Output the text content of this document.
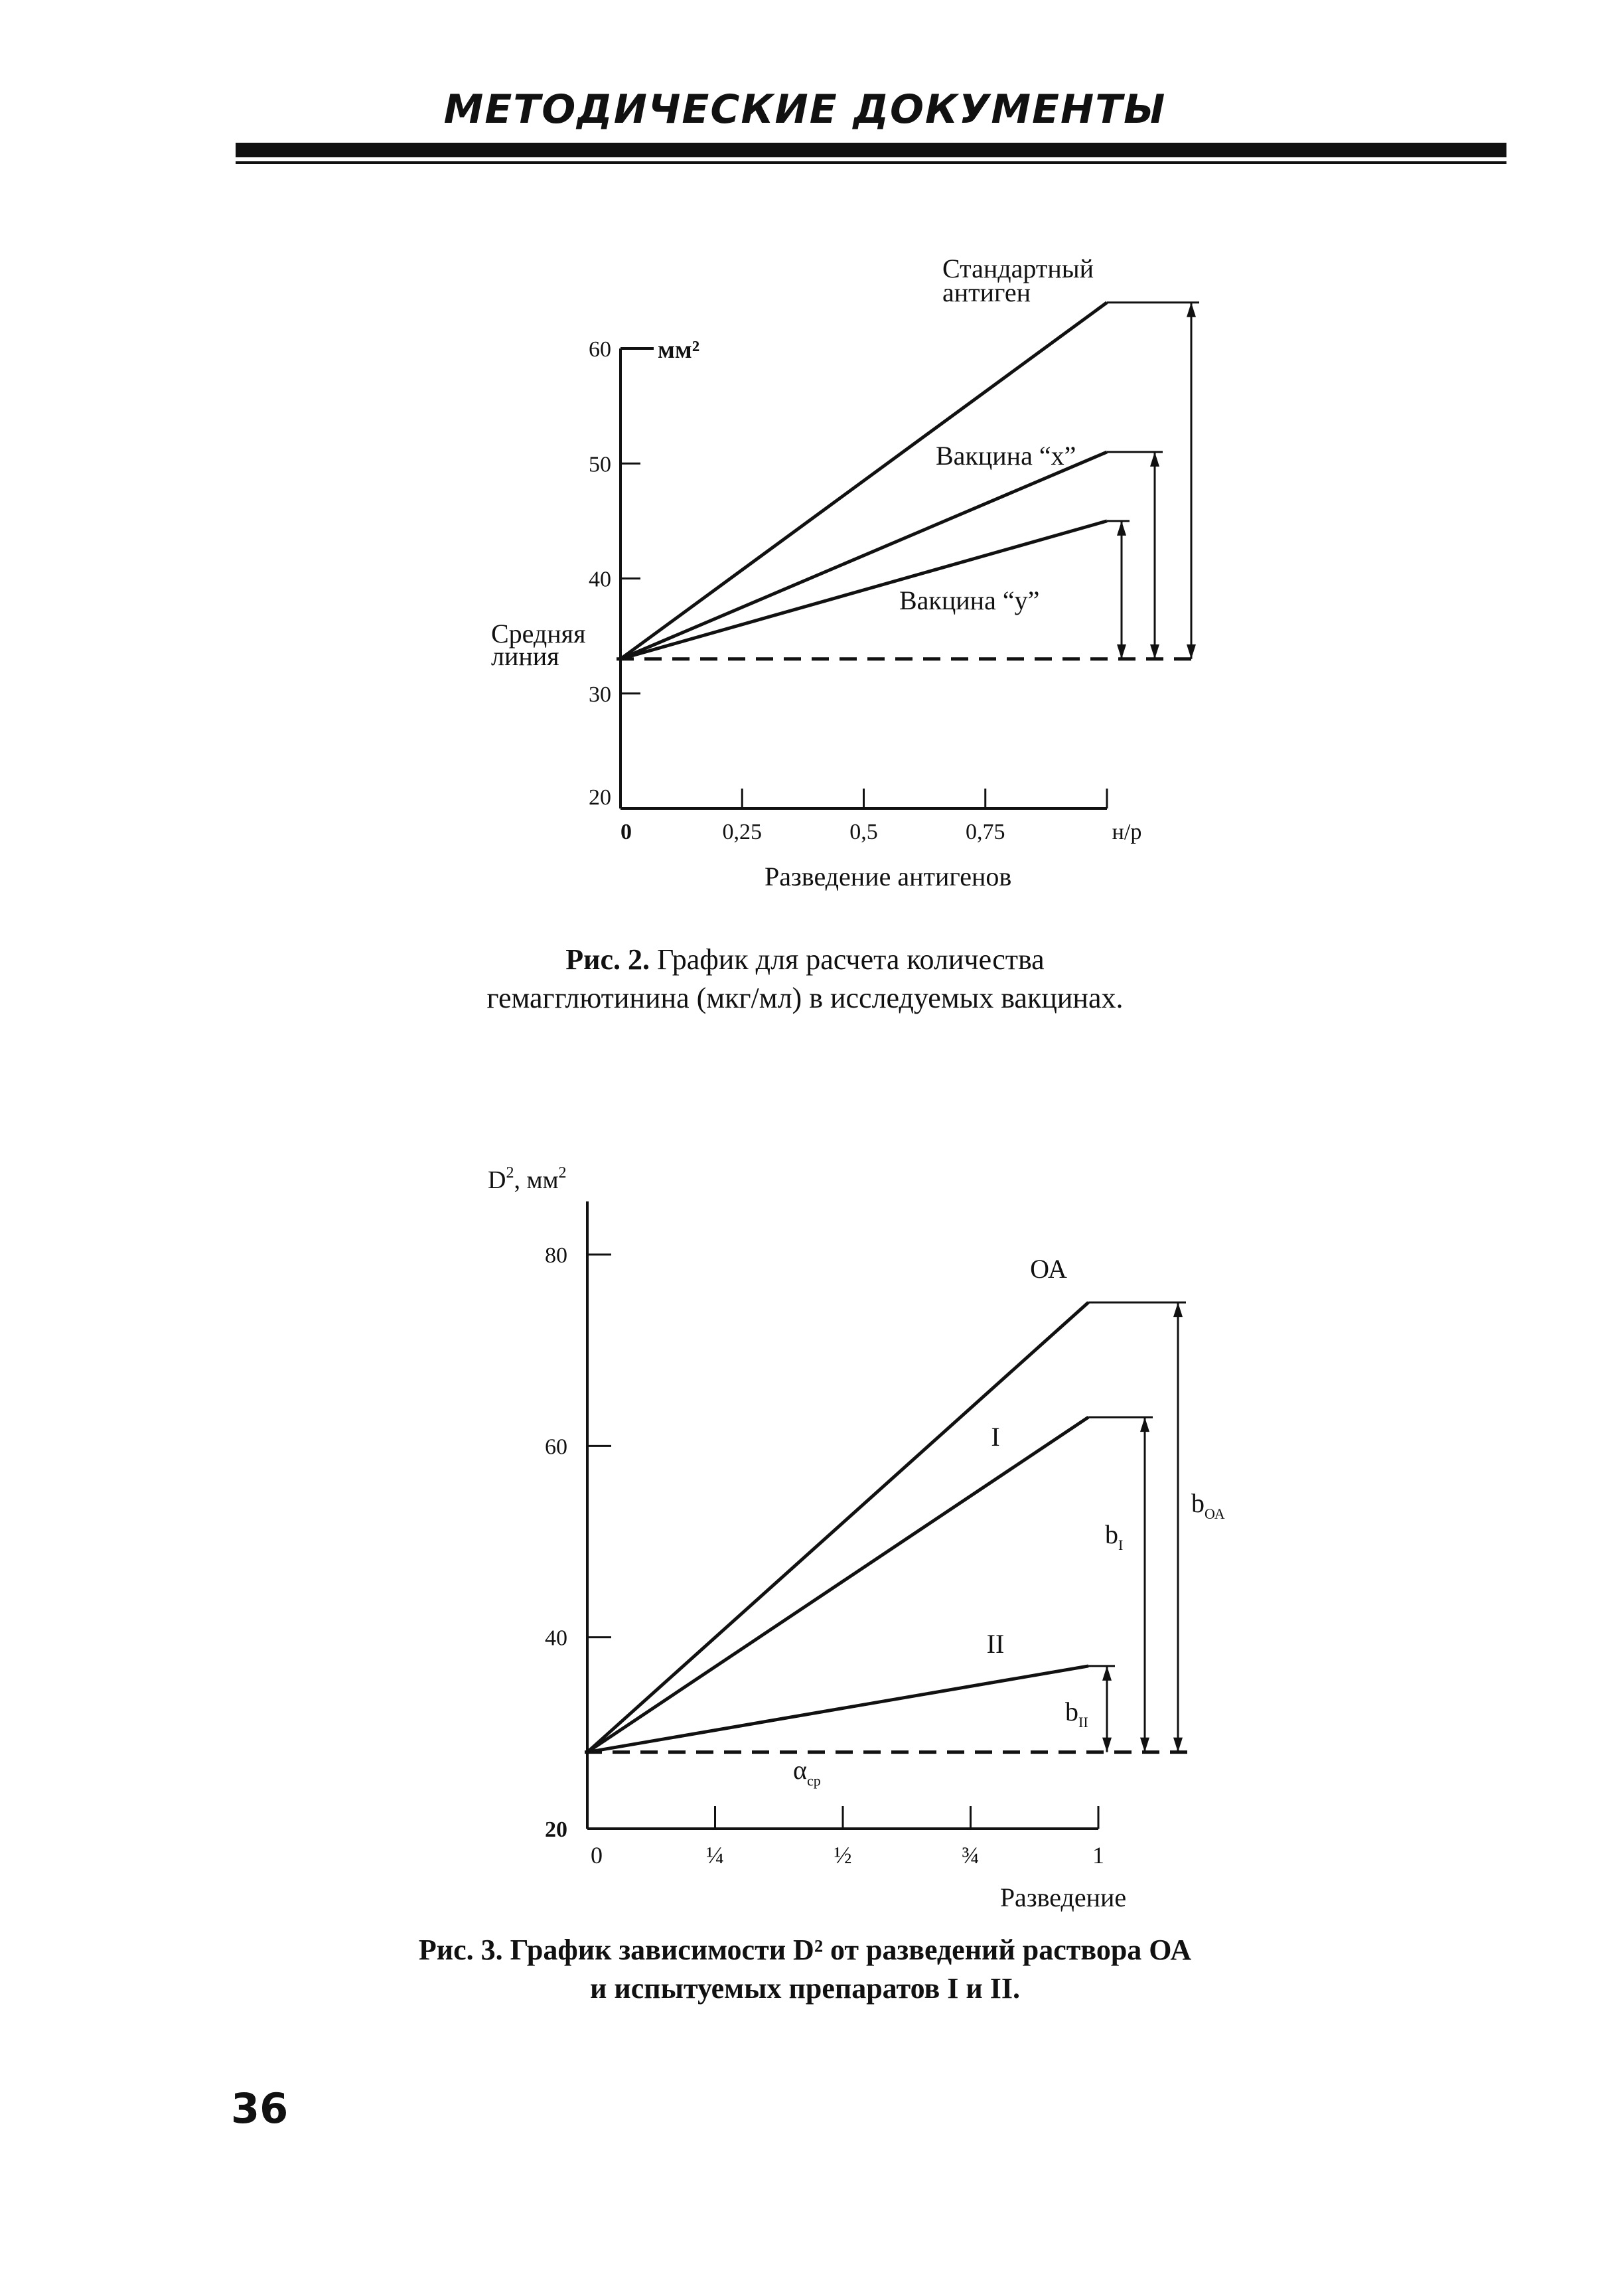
МЕТОДИЧЕСКИЕ ДОКУМЕНТЫ
мм²
20
30
40
50
60
0	0,25	0,5	0,75	н/р
Разведение антигенов
Средняя линия
Стандартный антиген
Вакцина “х”
Вакцина “у”
Рис. 2. График для расчета количества
гемагглютинина (мкг/мл) в исследуемых вакцинах.
$D^2$, $мм^2$
20
40
60
80
0	¼	½	¾	1
Разведение
$\alpha_{ср}$
ОА
$b_{ОА}$
I
$b_I$
II
$b_{II}$
Рис. 3. График зависимости D² от разведений раствора ОА
и испытуемых препаратов I и II.
36
